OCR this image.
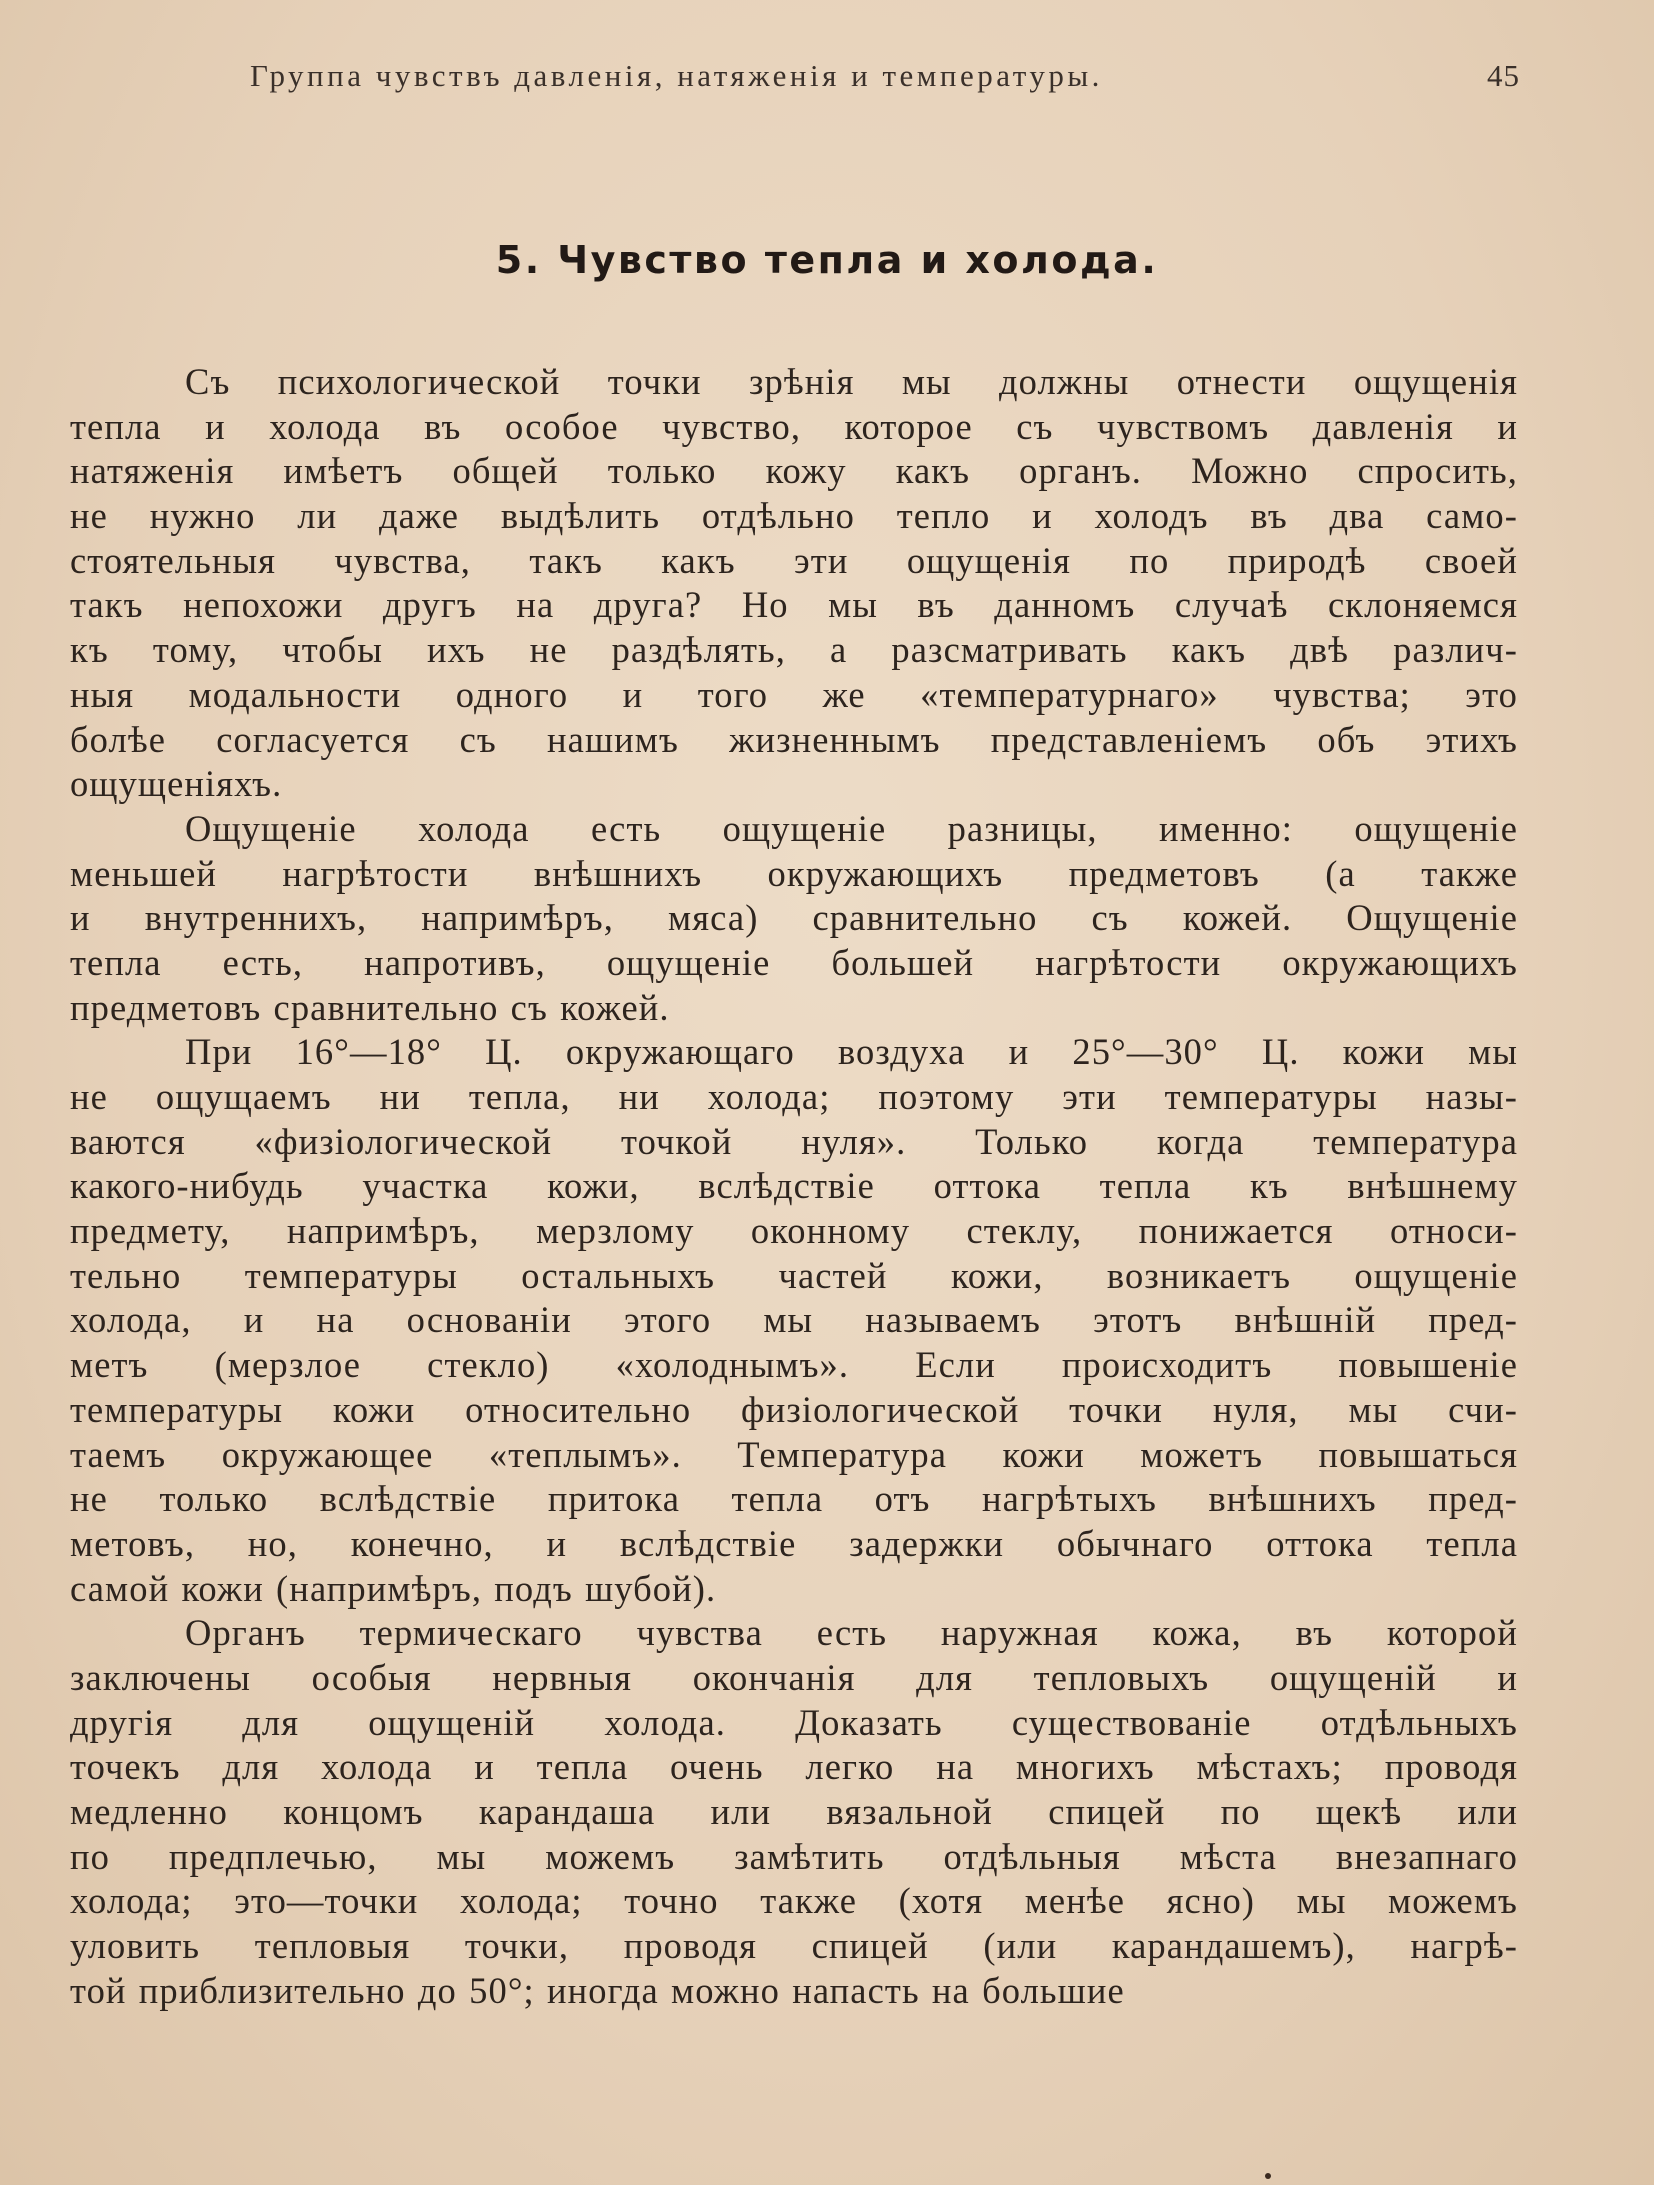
Группа чувствъ давленія, натяженія и температуры.	45
5. Чувство тепла и холода.
Съ психологической точки зрѣнія мы должны отнести ощущенія
тепла и холода въ особое чувство, которое съ чувствомъ давленія и
натяженія имѣетъ общей только кожу какъ органъ. Можно спросить,
не нужно ли даже выдѣлить отдѣльно тепло и холодъ въ два само-
стоятельныя чувства, такъ какъ эти ощущенія по природѣ своей
такъ непохожи другъ на друга? Но мы въ данномъ случаѣ склоняемся
къ тому, чтобы ихъ не раздѣлять, а разсматривать какъ двѣ различ-
ныя модальности одного и того же «температурнаго» чувства; это
болѣе согласуется съ нашимъ жизненнымъ представленіемъ объ этихъ
ощущеніяхъ.
Ощущеніе холода есть ощущеніе разницы, именно: ощущеніе
меньшей нагрѣтости внѣшнихъ окружающихъ предметовъ (а также
и внутреннихъ, напримѣръ, мяса) сравнительно съ кожей. Ощущеніе
тепла есть, напротивъ, ощущеніе большей нагрѣтости окружающихъ
предметовъ сравнительно съ кожей.
При 16°—18° Ц. окружающаго воздуха и 25°—30° Ц. кожи мы
не ощущаемъ ни тепла, ни холода; поэтому эти температуры назы-
ваются «физіологической точкой нуля». Только когда температура
какого-нибудь участка кожи, вслѣдствіе оттока тепла къ внѣшнему
предмету, напримѣръ, мерзлому оконному стеклу, понижается относи-
тельно температуры остальныхъ частей кожи, возникаетъ ощущеніе
холода, и на основаніи этого мы называемъ этотъ внѣшній пред-
метъ (мерзлое стекло) «холоднымъ». Если происходитъ повышеніе
температуры кожи относительно физіологической точки нуля, мы счи-
таемъ окружающее «теплымъ». Температура кожи можетъ повышаться
не только вслѣдствіе притока тепла отъ нагрѣтыхъ внѣшнихъ пред-
метовъ, но, конечно, и вслѣдствіе задержки обычнаго оттока тепла
самой кожи (напримѣръ, подъ шубой).
Органъ термическаго чувства есть наружная кожа, въ которой
заключены особыя нервныя окончанія для тепловыхъ ощущеній и
другія для ощущеній холода. Доказать существованіе отдѣльныхъ
точекъ для холода и тепла очень легко на многихъ мѣстахъ; проводя
медленно концомъ карандаша или вязальной спицей по щекѣ или
по предплечью, мы можемъ замѣтить отдѣльныя мѣста внезапнаго
холода; это—точки холода; точно также (хотя менѣе ясно) мы можемъ
уловить тепловыя точки, проводя спицей (или карандашемъ), нагрѣ-
той приблизительно до 50°; иногда можно напасть на большие
